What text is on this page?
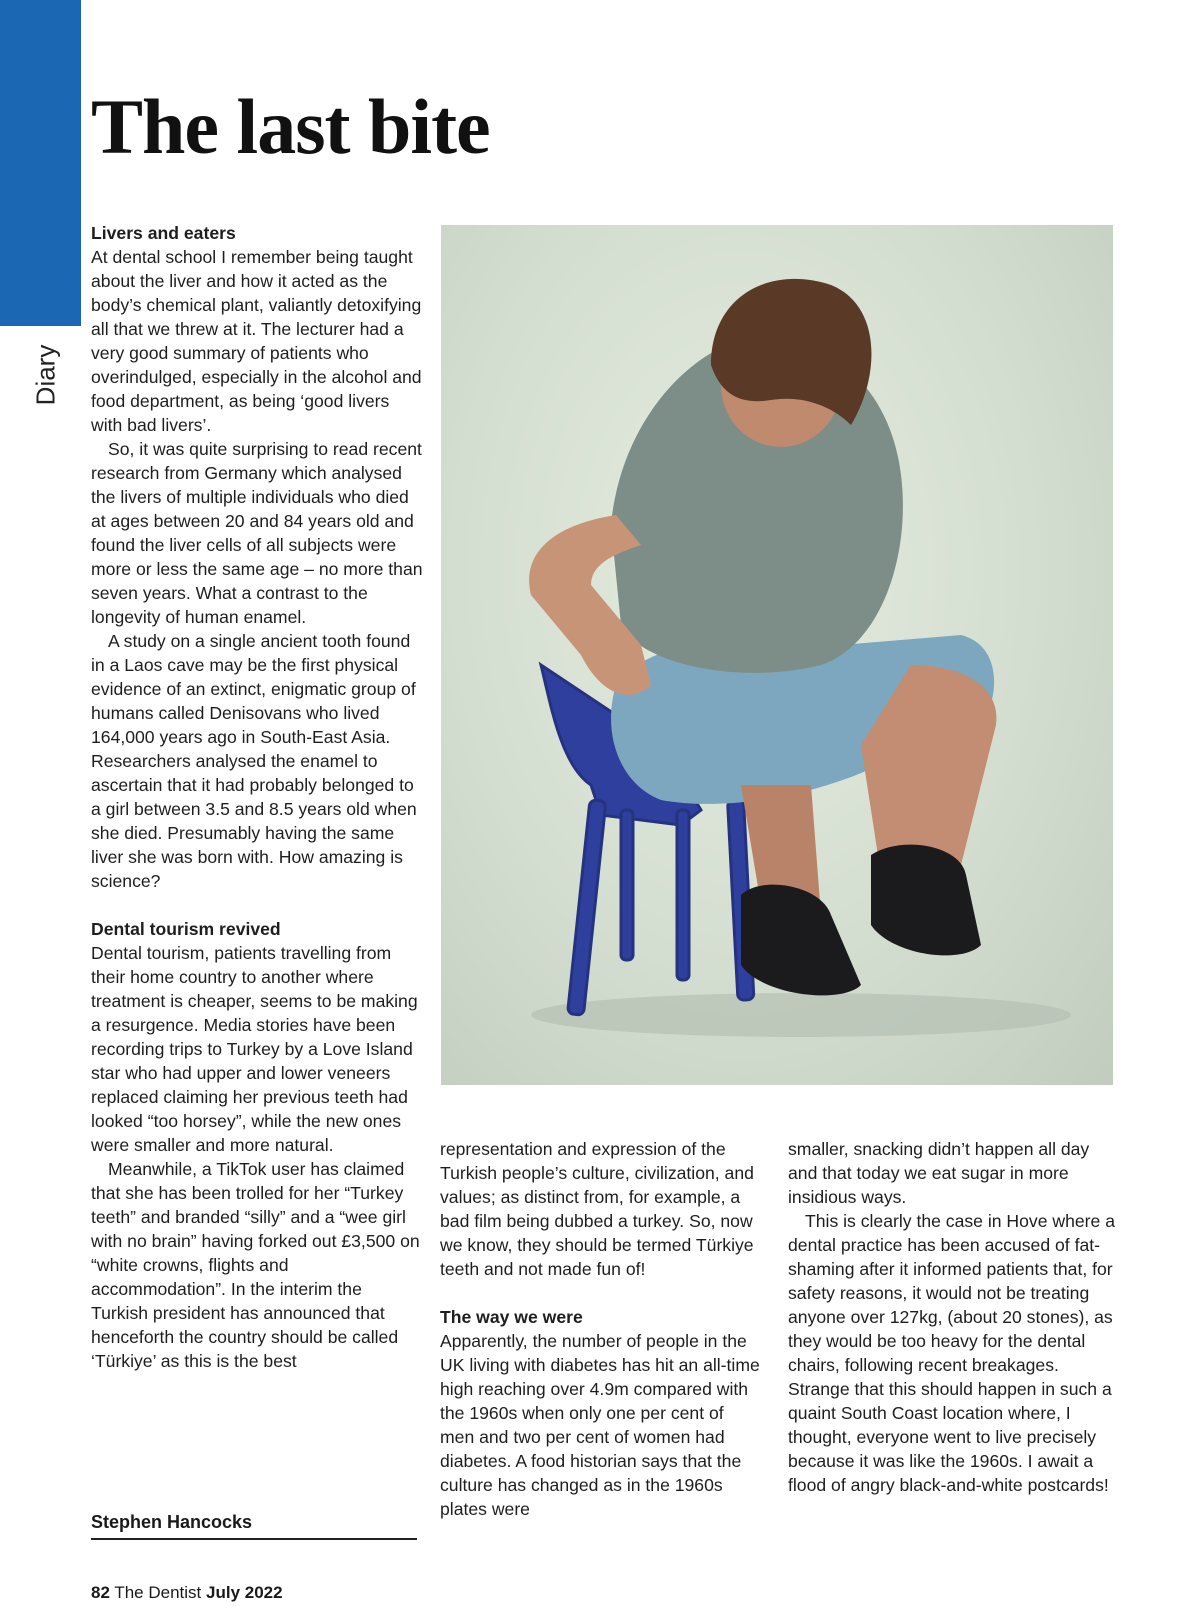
Diary
The last bite
Livers and eaters

At dental school I remember being taught about the liver and how it acted as the body’s chemical plant, valiantly detoxifying all that we threw at it. The lecturer had a very good summary of patients who overindulged, especially in the alcohol and food department, as being ‘good livers with bad livers’.

So, it was quite surprising to read recent research from Germany which analysed the livers of multiple individuals who died at ages between 20 and 84 years old and found the liver cells of all subjects were more or less the same age – no more than seven years. What a contrast to the longevity of human enamel.

A study on a single ancient tooth found in a Laos cave may be the first physical evidence of an extinct, enigmatic group of humans called Denisovans who lived 164,000 years ago in South-East Asia. Researchers analysed the enamel to ascertain that it had probably belonged to a girl between 3.5 and 8.5 years old when she died. Presumably having the same liver she was born with. How amazing is science?

Dental tourism revived

Dental tourism, patients travelling from their home country to another where treatment is cheaper, seems to be making a resurgence. Media stories have been recording trips to Turkey by a Love Island star who had upper and lower veneers replaced claiming her previous teeth had looked “too horsey”, while the new ones were smaller and more natural.

Meanwhile, a TikTok user has claimed that she has been trolled for her “Turkey teeth” and branded “silly” and a “wee girl with no brain” having forked out £3,500 on “white crowns, flights and accommodation”. In the interim the Turkish president has announced that henceforth the country should be called ‘Türkiye’ as this is the best

representation and expression of the Turkish people’s culture, civilization, and values; as distinct from, for example, a bad film being dubbed a turkey. So, now we know, they should be termed Türkiye teeth and not made fun of!

The way we were

Apparently, the number of people in the UK living with diabetes has hit an all-time high reaching over 4.9m compared with the 1960s when only one per cent of men and two per cent of women had diabetes. A food historian says that the culture has changed as in the 1960s plates were

smaller, snacking didn’t happen all day and that today we eat sugar in more insidious ways.

This is clearly the case in Hove where a dental practice has been accused of fat-shaming after it informed patients that, for safety reasons, it would not be treating anyone over 127kg, (about 20 stones), as they would be too heavy for the dental chairs, following recent breakages. Strange that this should happen in such a quaint South Coast location where, I thought, everyone went to live precisely because it was like the 1960s. I await a flood of angry black-and-white postcards!

Stephen Hancocks
82 The Dentist July 2022
